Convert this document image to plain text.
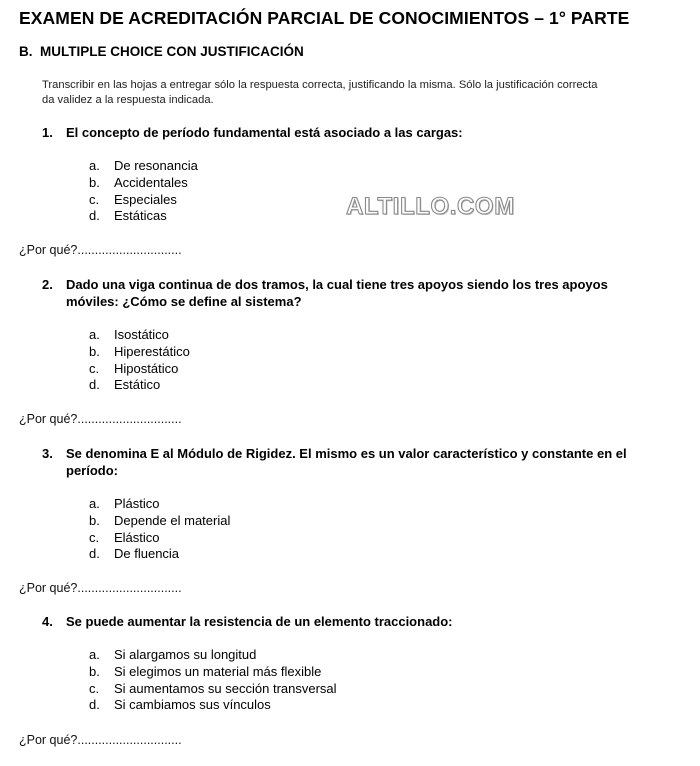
EXAMEN DE ACREDITACIÓN PARCIAL DE CONOCIMIENTOS – 1° PARTE
B. MULTIPLE CHOICE CON JUSTIFICACIÓN
Transcribir en las hojas a entregar sólo la respuesta correcta, justificando la misma. Sólo la justificación correcta
da validez a la respuesta indicada.
ALTILLO.COM
1. El concepto de período fundamental está asociado a las cargas:
a. De resonancia
b. Accidentales
c. Especiales
d. Estáticas
¿Por qué?..............................
2. Dado una viga continua de dos tramos, la cual tiene tres apoyos siendo los tres apoyos
móviles: ¿Cómo se define al sistema?
a. Isostático
b. Hiperestático
c. Hipostático
d. Estático
¿Por qué?..............................
3. Se denomina E al Módulo de Rigidez. El mismo es un valor característico y constante en el
período:
a. Plástico
b. Depende el material
c. Elástico
d. De fluencia
¿Por qué?..............................
4. Se puede aumentar la resistencia de un elemento traccionado:
a. Si alargamos su longitud
b. Si elegimos un material más flexible
c. Si aumentamos su sección transversal
d. Si cambiamos sus vínculos
¿Por qué?..............................
